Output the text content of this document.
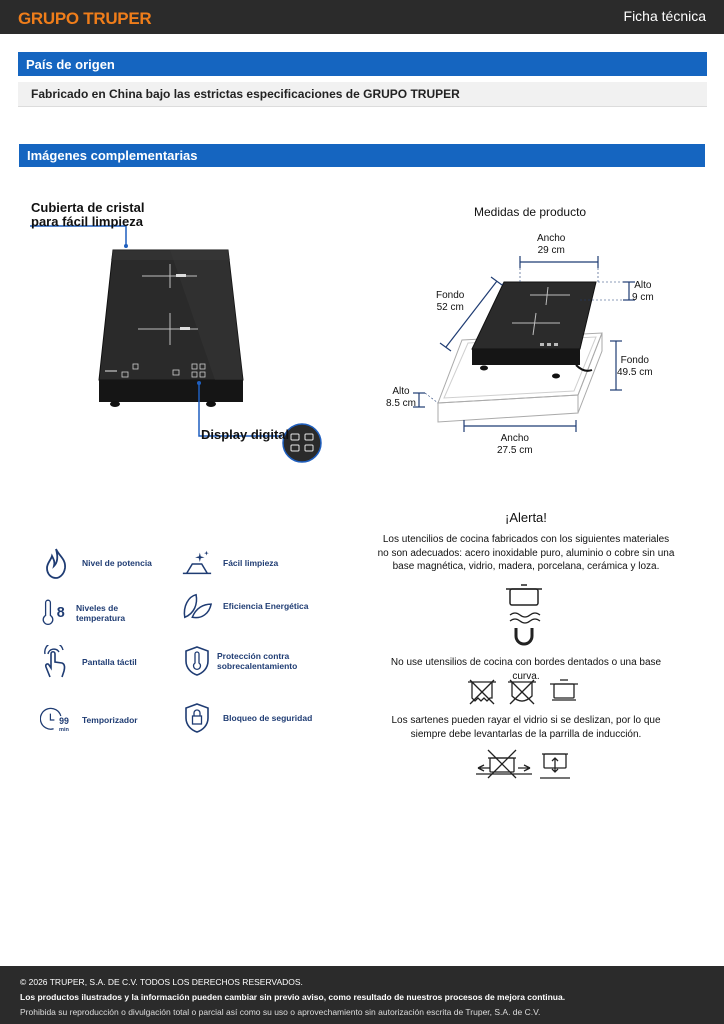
GRUPO TRUPER	Ficha técnica
País de origen
Fabricado en China bajo las estrictas especificaciones de GRUPO TRUPER
Imágenes complementarias
Cubierta de cristal
para fácil limpieza
Display digital
Medidas de producto
Ancho
29 cm
Fondo
52 cm
Alto
9 cm
Fondo
49.5 cm
Alto
8.5 cm
Ancho
27.5 cm
Nivel de potencia	Fácil limpieza
8 Niveles de
temperatura
Eficiencia Energética
Pantalla táctil
Protección contra
sobrecalentamiento
99
min
Temporizador	Bloqueo de seguridad
¡Alerta!
Los utencilios de cocina fabricados con los siguientes materiales
no son adecuados: acero inoxidable puro, aluminio o cobre sin una
base magnética, vidrio, madera, porcelana, cerámica y loza.
No use utensilios de cocina con bordes dentados o una base curva.
Los sartenes pueden rayar el vidrio si se deslizan, por lo que
siempre debe levantarlas de la parrilla de inducción.
© 2026 TRUPER, S.A. DE C.V. TODOS LOS DERECHOS RESERVADOS.
Los productos ilustrados y la información pueden cambiar sin previo aviso, como resultado de nuestros procesos de mejora continua.
Prohibida su reproducción o divulgación total o parcial así como su uso o aprovechamiento sin autorización escrita de Truper, S.A. de C.V.
